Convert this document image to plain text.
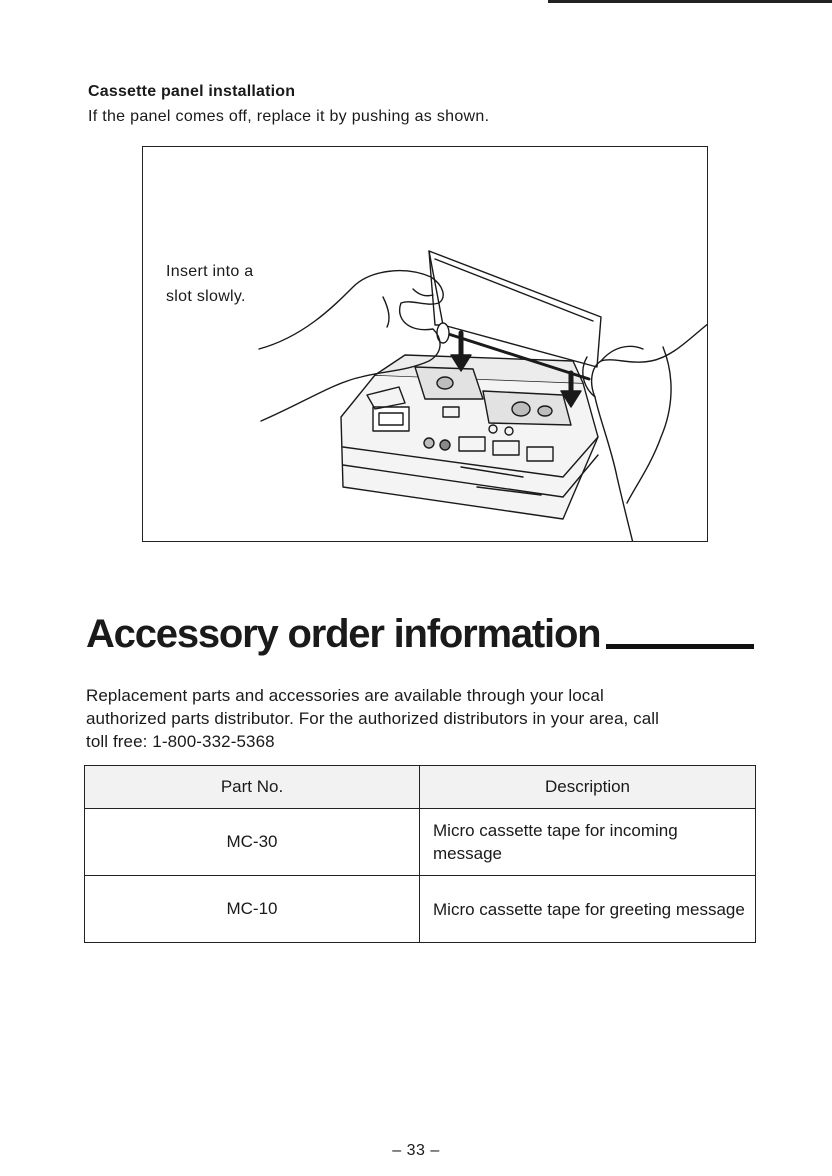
Cassette panel installation
If the panel comes off, replace it by pushing as shown.
Insert into a
slot slowly.
Accessory order information
Replacement parts and accessories are available through your local
authorized parts distributor. For the authorized distributors in your area, call
toll free: 1-800-332-5368
Part No.	Description
MC-30	Micro cassette tape for incoming message
MC-10	Micro cassette tape for greeting message
– 33 –
